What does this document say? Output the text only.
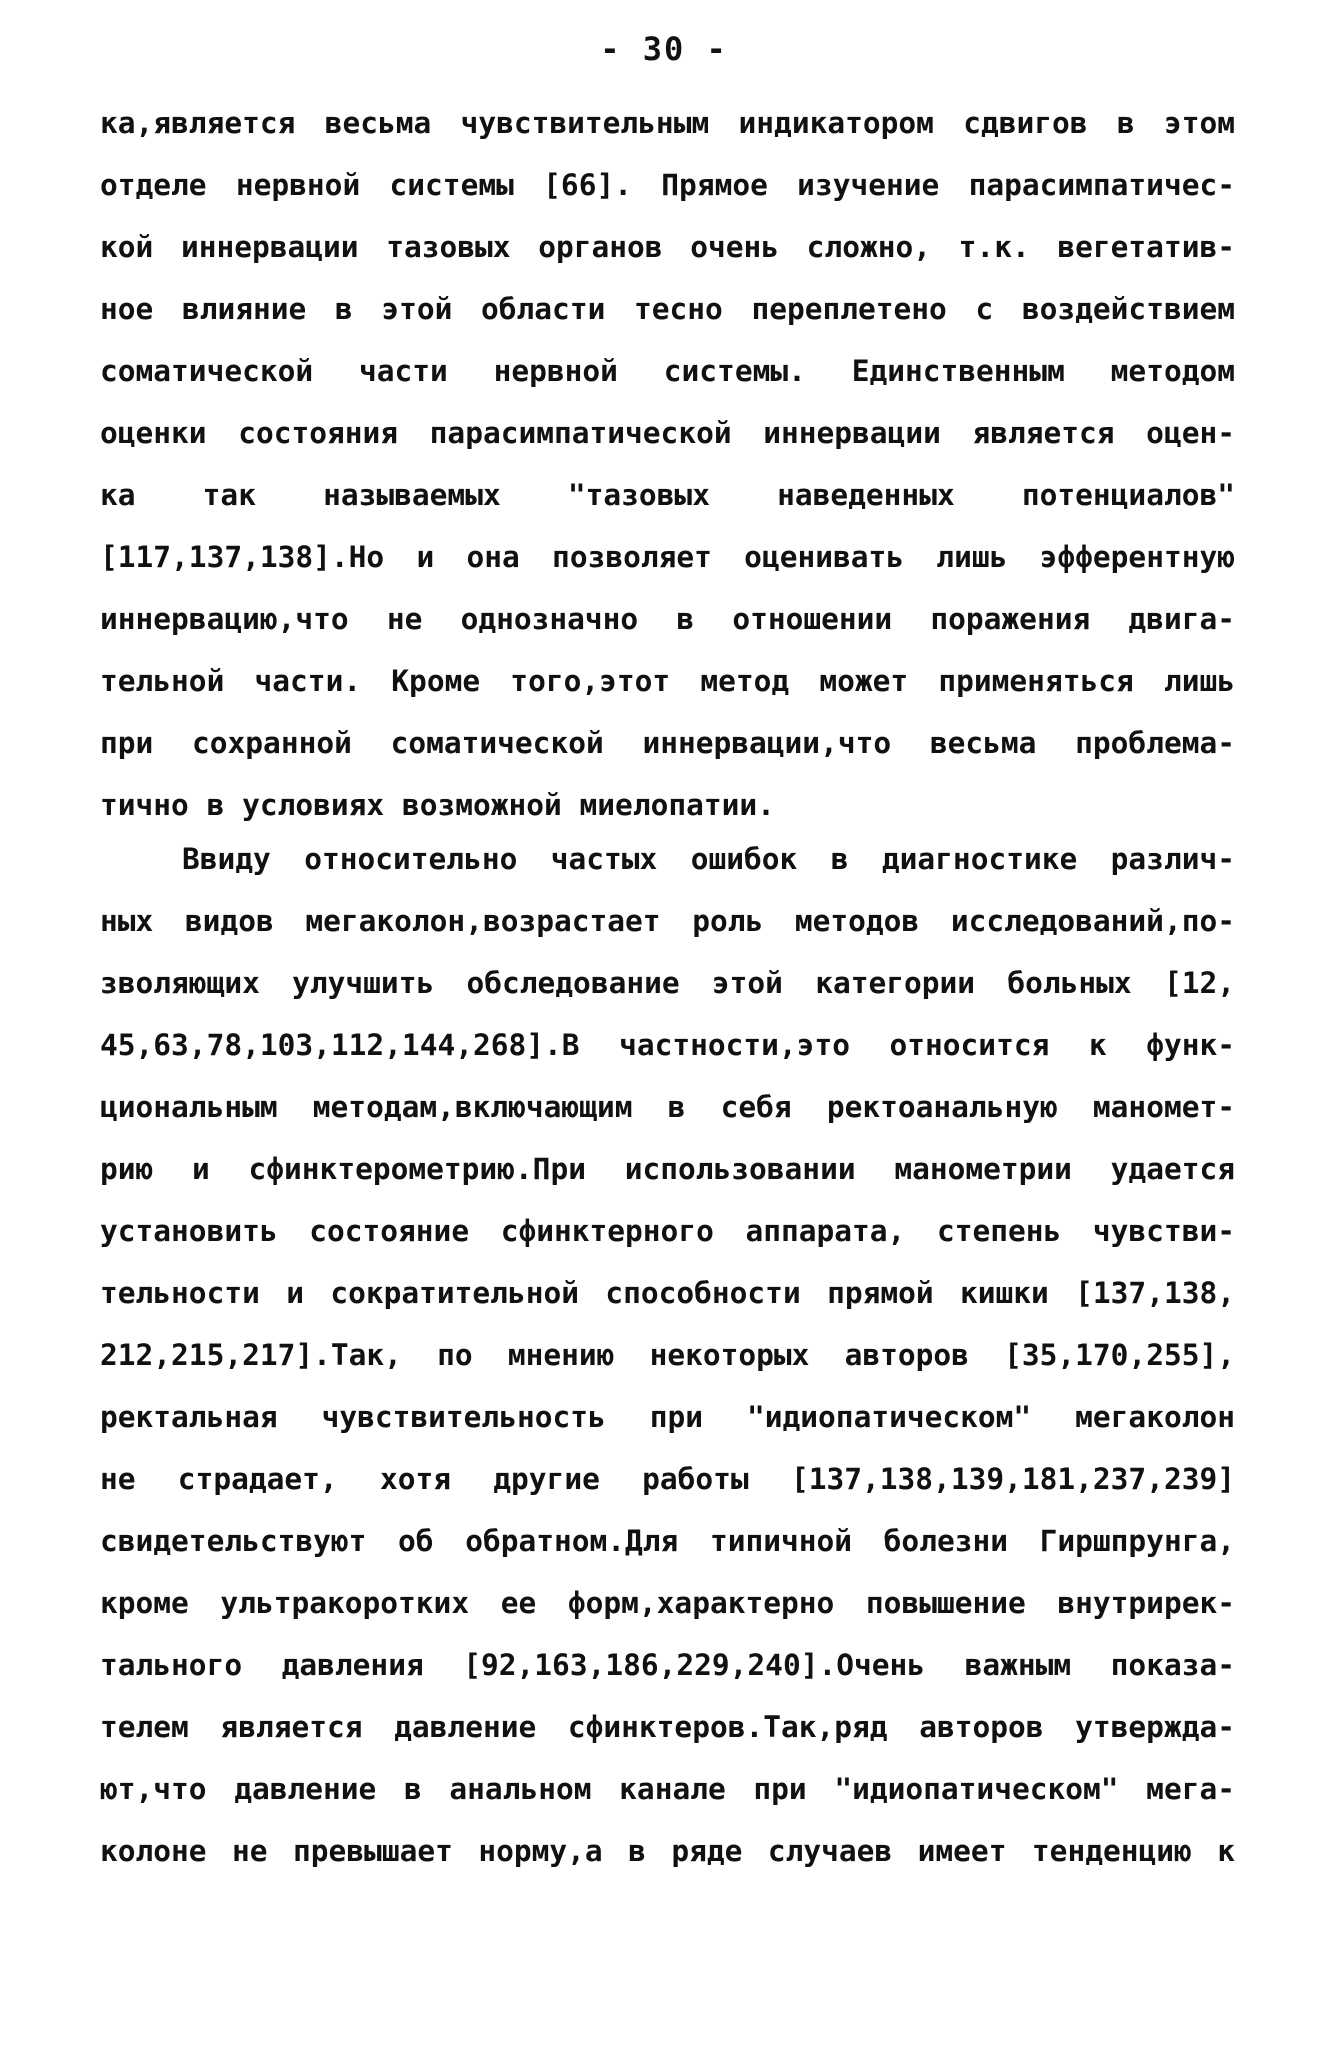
- 30 -
ка,является весьма чувствительным индикатором сдвигов в этом
отделе нервной системы [66]. Прямое изучение парасимпатичес-
кой иннервации тазовых органов очень сложно, т.к. вегетатив-
ное влияние в этой области тесно переплетено с воздействием
соматической части нервной системы. Единственным методом
оценки состояния парасимпатической иннервации является оцен-
ка так называемых "тазовых наведенных потенциалов"
[117,137,138].Но и она позволяет оценивать лишь эфферентную
иннервацию,что не однозначно в отношении поражения двига-
тельной части. Кроме того,этот метод может применяться лишь
при сохранной соматической иннервации,что весьма проблема-
тично в условиях возможной миелопатии.
Ввиду относительно частых ошибок в диагностике различ-
ных видов мегаколон,возрастает роль методов исследований,по-
зволяющих улучшить обследование этой категории больных [12,
45,63,78,103,112,144,268].В частности,это относится к функ-
циональным методам,включающим в себя ректоанальную маномет-
рию и сфинктерометрию.При использовании манометрии удается
установить состояние сфинктерного аппарата, степень чувстви-
тельности и сократительной способности прямой кишки [137,138,
212,215,217].Так, по мнению некоторых авторов [35,170,255],
ректальная чувствительность при "идиопатическом" мегаколон
не страдает, хотя другие работы [137,138,139,181,237,239]
свидетельствуют об обратном.Для типичной болезни Гиршпрунга,
кроме ультракоротких ее форм,характерно повышение внутрирек-
тального давления [92,163,186,229,240].Очень важным показа-
телем является давление сфинктеров.Так,ряд авторов утвержда-
ют,что давление в анальном канале при "идиопатическом" мега-
колоне не превышает норму,а в ряде случаев имеет тенденцию к
